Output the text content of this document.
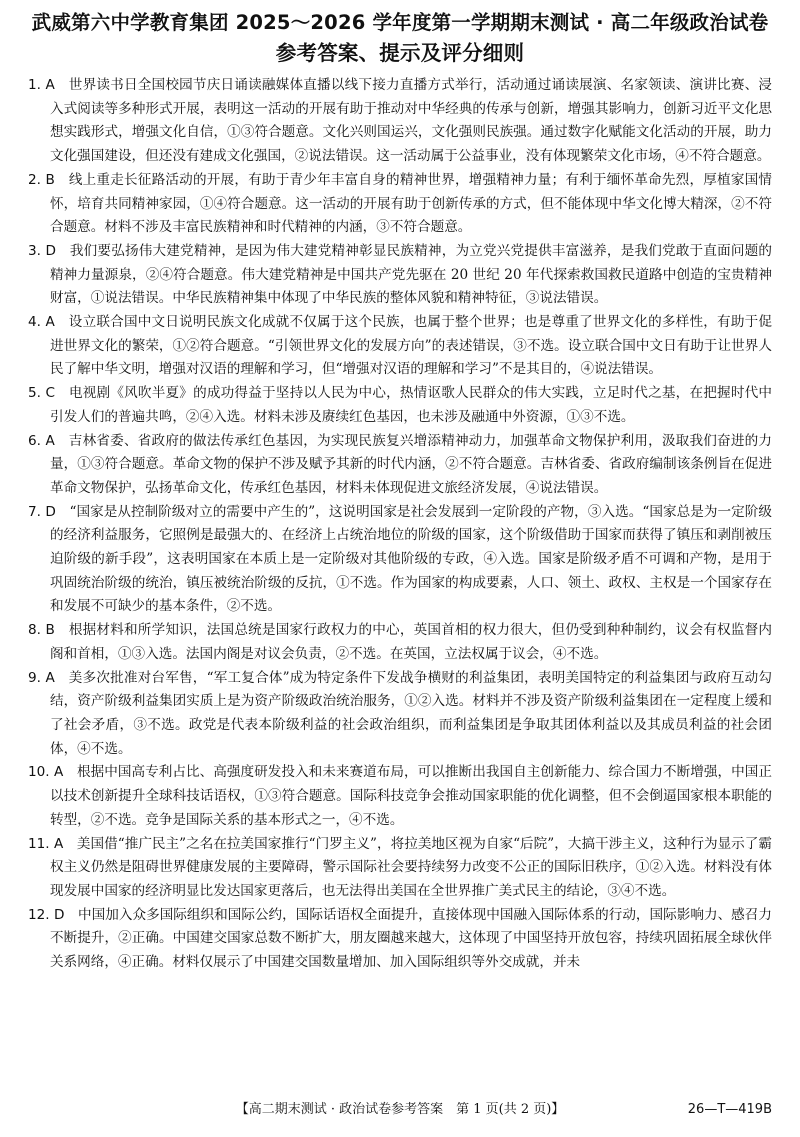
武威第六中学教育集团 2025～2026 学年度第一学期期末测试 · 高二年级政治试卷
参考答案、提示及评分细则

1. A　 世界读书日全国校园节庆日诵读融媒体直播以线下接力直播方式举行，活动通过诵读展演、名家领读、演讲比赛、浸入式阅读等多种形式开展，表明这一活动的开展有助于推动对中华经典的传承与创新，增强其影响力，创新习近平文化思想实践形式，增强文化自信，①③符合题意。文化兴则国运兴，文化强则民族强。通过数字化赋能文化活动的开展，助力文化强国建设，但还没有建成文化强国，②说法错误。这一活动属于公益事业，没有体现繁荣文化市场，④不符合题意。

2. B　 线上重走长征路活动的开展，有助于青少年丰富自身的精神世界，增强精神力量；有利于缅怀革命先烈，厚植家国情怀，培育共同精神家园，①④符合题意。这一活动的开展有助于创新传承的方式，但不能体现中华文化博大精深，②不符合题意。材料不涉及丰富民族精神和时代精神的内涵，③不符合题意。

3. D　 我们要弘扬伟大建党精神，是因为伟大建党精神彰显民族精神，为立党兴党提供丰富滋养，是我们党敢于直面问题的精神力量源泉，②④符合题意。伟大建党精神是中国共产党先驱在 20 世纪 20 年代探索救国救民道路中创造的宝贵精神财富，①说法错误。中华民族精神集中体现了中华民族的整体风貌和精神特征，③说法错误。

4. A　 设立联合国中文日说明民族文化成就不仅属于这个民族，也属于整个世界；也是尊重了世界文化的多样性，有助于促进世界文化的繁荣，①②符合题意。“引领世界文化的发展方向”的表述错误，③不选。设立联合国中文日有助于让世界人民了解中华文明，增强对汉语的理解和学习，但“增强对汉语的理解和学习”不是其目的，④说法错误。

5. C　 电视剧《风吹半夏》的成功得益于坚持以人民为中心，热情讴歌人民群众的伟大实践，立足时代之基，在把握时代中引发人们的普遍共鸣，②④入选。材料未涉及赓续红色基因，也未涉及融通中外资源，①③不选。

6. A　 吉林省委、省政府的做法传承红色基因，为实现民族复兴增添精神动力，加强革命文物保护利用，汲取我们奋进的力量，①③符合题意。革命文物的保护不涉及赋予其新的时代内涵，②不符合题意。吉林省委、省政府编制该条例旨在促进革命文物保护，弘扬革命文化，传承红色基因，材料未体现促进文旅经济发展，④说法错误。

7. D　 “国家是从控制阶级对立的需要中产生的”，这说明国家是社会发展到一定阶段的产物，③入选。“国家总是为一定阶级的经济利益服务，它照例是最强大的、在经济上占统治地位的阶级的国家，这个阶级借助于国家而获得了镇压和剥削被压迫阶级的新手段”，这表明国家在本质上是一定阶级对其他阶级的专政，④入选。国家是阶级矛盾不可调和产物，是用于巩固统治阶级的统治，镇压被统治阶级的反抗，①不选。作为国家的构成要素，人口、领土、政权、主权是一个国家存在和发展不可缺少的基本条件，②不选。

8. B　 根据材料和所学知识，法国总统是国家行政权力的中心，英国首相的权力很大，但仍受到种种制约，议会有权监督内阁和首相，①③入选。法国内阁是对议会负责，②不选。在英国，立法权属于议会，④不选。

9. A　 美多次批准对台军售，“军工复合体”成为特定条件下发战争横财的利益集团，表明美国特定的利益集团与政府互动勾结，资产阶级利益集团实质上是为资产阶级政治统治服务，①②入选。材料并不涉及资产阶级利益集团在一定程度上缓和了社会矛盾，③不选。政党是代表本阶级利益的社会政治组织，而利益集团是争取其团体利益以及其成员利益的社会团体，④不选。

10. A　 根据中国高专利占比、高强度研发投入和未来赛道布局，可以推断出我国自主创新能力、综合国力不断增强，中国正以技术创新提升全球科技话语权，①③符合题意。国际科技竞争会推动国家职能的优化调整，但不会倒逼国家根本职能的转型，②不选。竞争是国际关系的基本形式之一，④不选。

11. A　 美国借“推广民主”之名在拉美国家推行“门罗主义”，将拉美地区视为自家“后院”，大搞干涉主义，这种行为显示了霸权主义仍然是阻碍世界健康发展的主要障碍，警示国际社会要持续努力改变不公正的国际旧秩序，①②入选。材料没有体现发展中国家的经济明显比发达国家更落后，也无法得出美国在全世界推广美式民主的结论，③④不选。

12. D　 中国加入众多国际组织和国际公约，国际话语权全面提升，直接体现中国融入国际体系的行动，国际影响力、感召力不断提升，②正确。中国建交国家总数不断扩大，朋友圈越来越大，这体现了中国坚持开放包容，持续巩固拓展全球伙伴关系网络，④正确。材料仅展示了中国建交国数量增加、加入国际组织等外交成就，并未

【高二期末测试 · 政治试卷参考答案　第 1 页(共 2 页)】	26—T—419B
